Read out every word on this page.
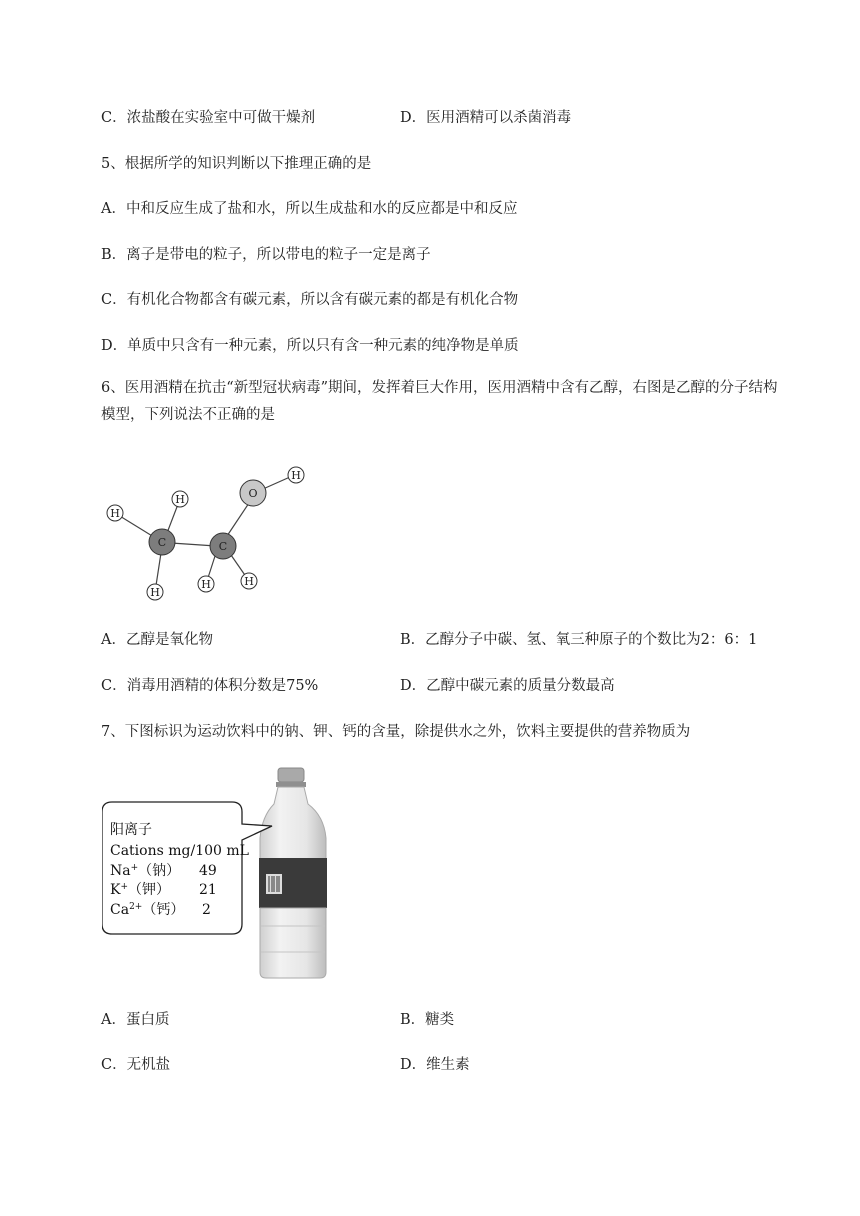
C．浓盐酸在实验室中可做干燥剂	D．医用酒精可以杀菌消毒
5、根据所学的知识判断以下推理正确的是
A．中和反应生成了盐和水，所以生成盐和水的反应都是中和反应
B．离子是带电的粒子，所以带电的粒子一定是离子
C．有机化合物都含有碳元素，所以含有碳元素的都是有机化合物
D．单质中只含有一种元素，所以只有含一种元素的纯净物是单质
6、医用酒精在抗击“新型冠状病毒”期间，发挥着巨大作用，医用酒精中含有乙醇，右图是乙醇的分子结构模型，下列说法不正确的是
H
H
H
H	H
H
C	C
O
A．乙醇是氧化物	B．乙醇分子中碳、氢、氧三种原子的个数比为2：6：1
C．消毒用酒精的体积分数是75%	D．乙醇中碳元素的质量分数最高
7、下图标识为运动饮料中的钠、钾、钙的含量，除提供水之外，饮料主要提供的营养物质为
阳离子
Cations mg/100 mL
Na+（钠） 49
K+（钾） 21
$Ca^{2+}$（钙） 2
A．蛋白质	B．糖类
C．无机盐	D．维生素
